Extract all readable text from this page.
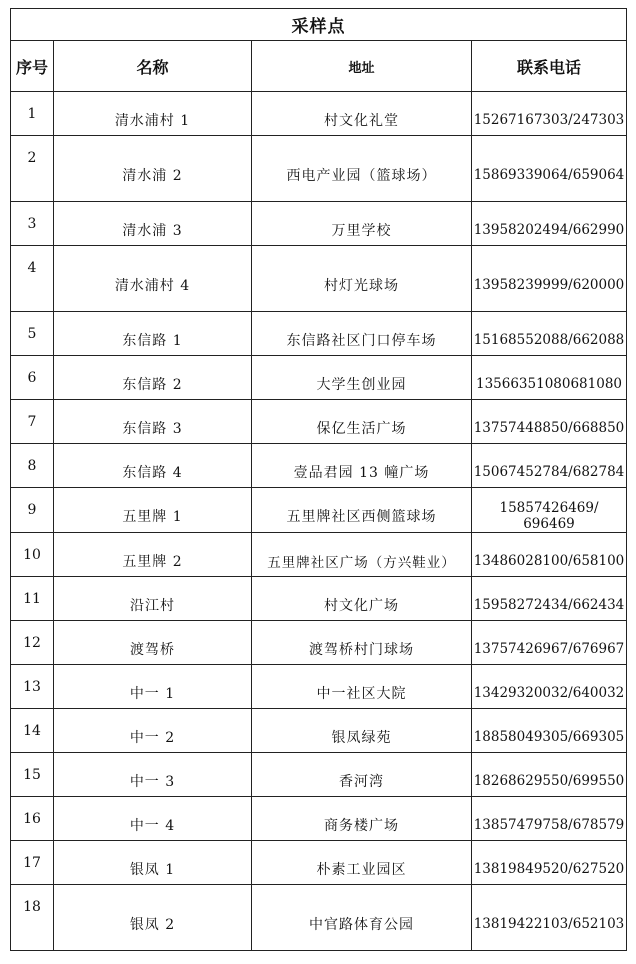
采样点			
序号	名称	地址	联系电话
1	清水浦村 1	村文化礼堂	15267167303/247303
2	清水浦 2	西电产业园（篮球场）	15869339064/659064
3	清水浦 3	万里学校	13958202494/662990
4	清水浦村 4	村灯光球场	13958239999/620000
5	东信路 1	东信路社区门口停车场	15168552088/662088
6	东信路 2	大学生创业园	13566351080681080
7	东信路 3	保亿生活广场	13757448850/668850
8	东信路 4	壹品君园 13 幢广场	15067452784/682784
9	五里牌 1	五里牌社区西侧篮球场	15857426469/ 696469
10	五里牌 2	五里牌社区广场（方兴鞋业）	13486028100/658100
11	沿江村	村文化广场	15958272434/662434
12	渡驾桥	渡驾桥村门球场	13757426967/676967
13	中一 1	中一社区大院	13429320032/640032
14	中一 2	银凤绿苑	18858049305/669305
15	中一 3	香河湾	18268629550/699550
16	中一 4	商务楼广场	13857479758/678579
17	银凤 1	朴素工业园区	13819849520/627520
18	银凤 2	中官路体育公园	13819422103/652103
